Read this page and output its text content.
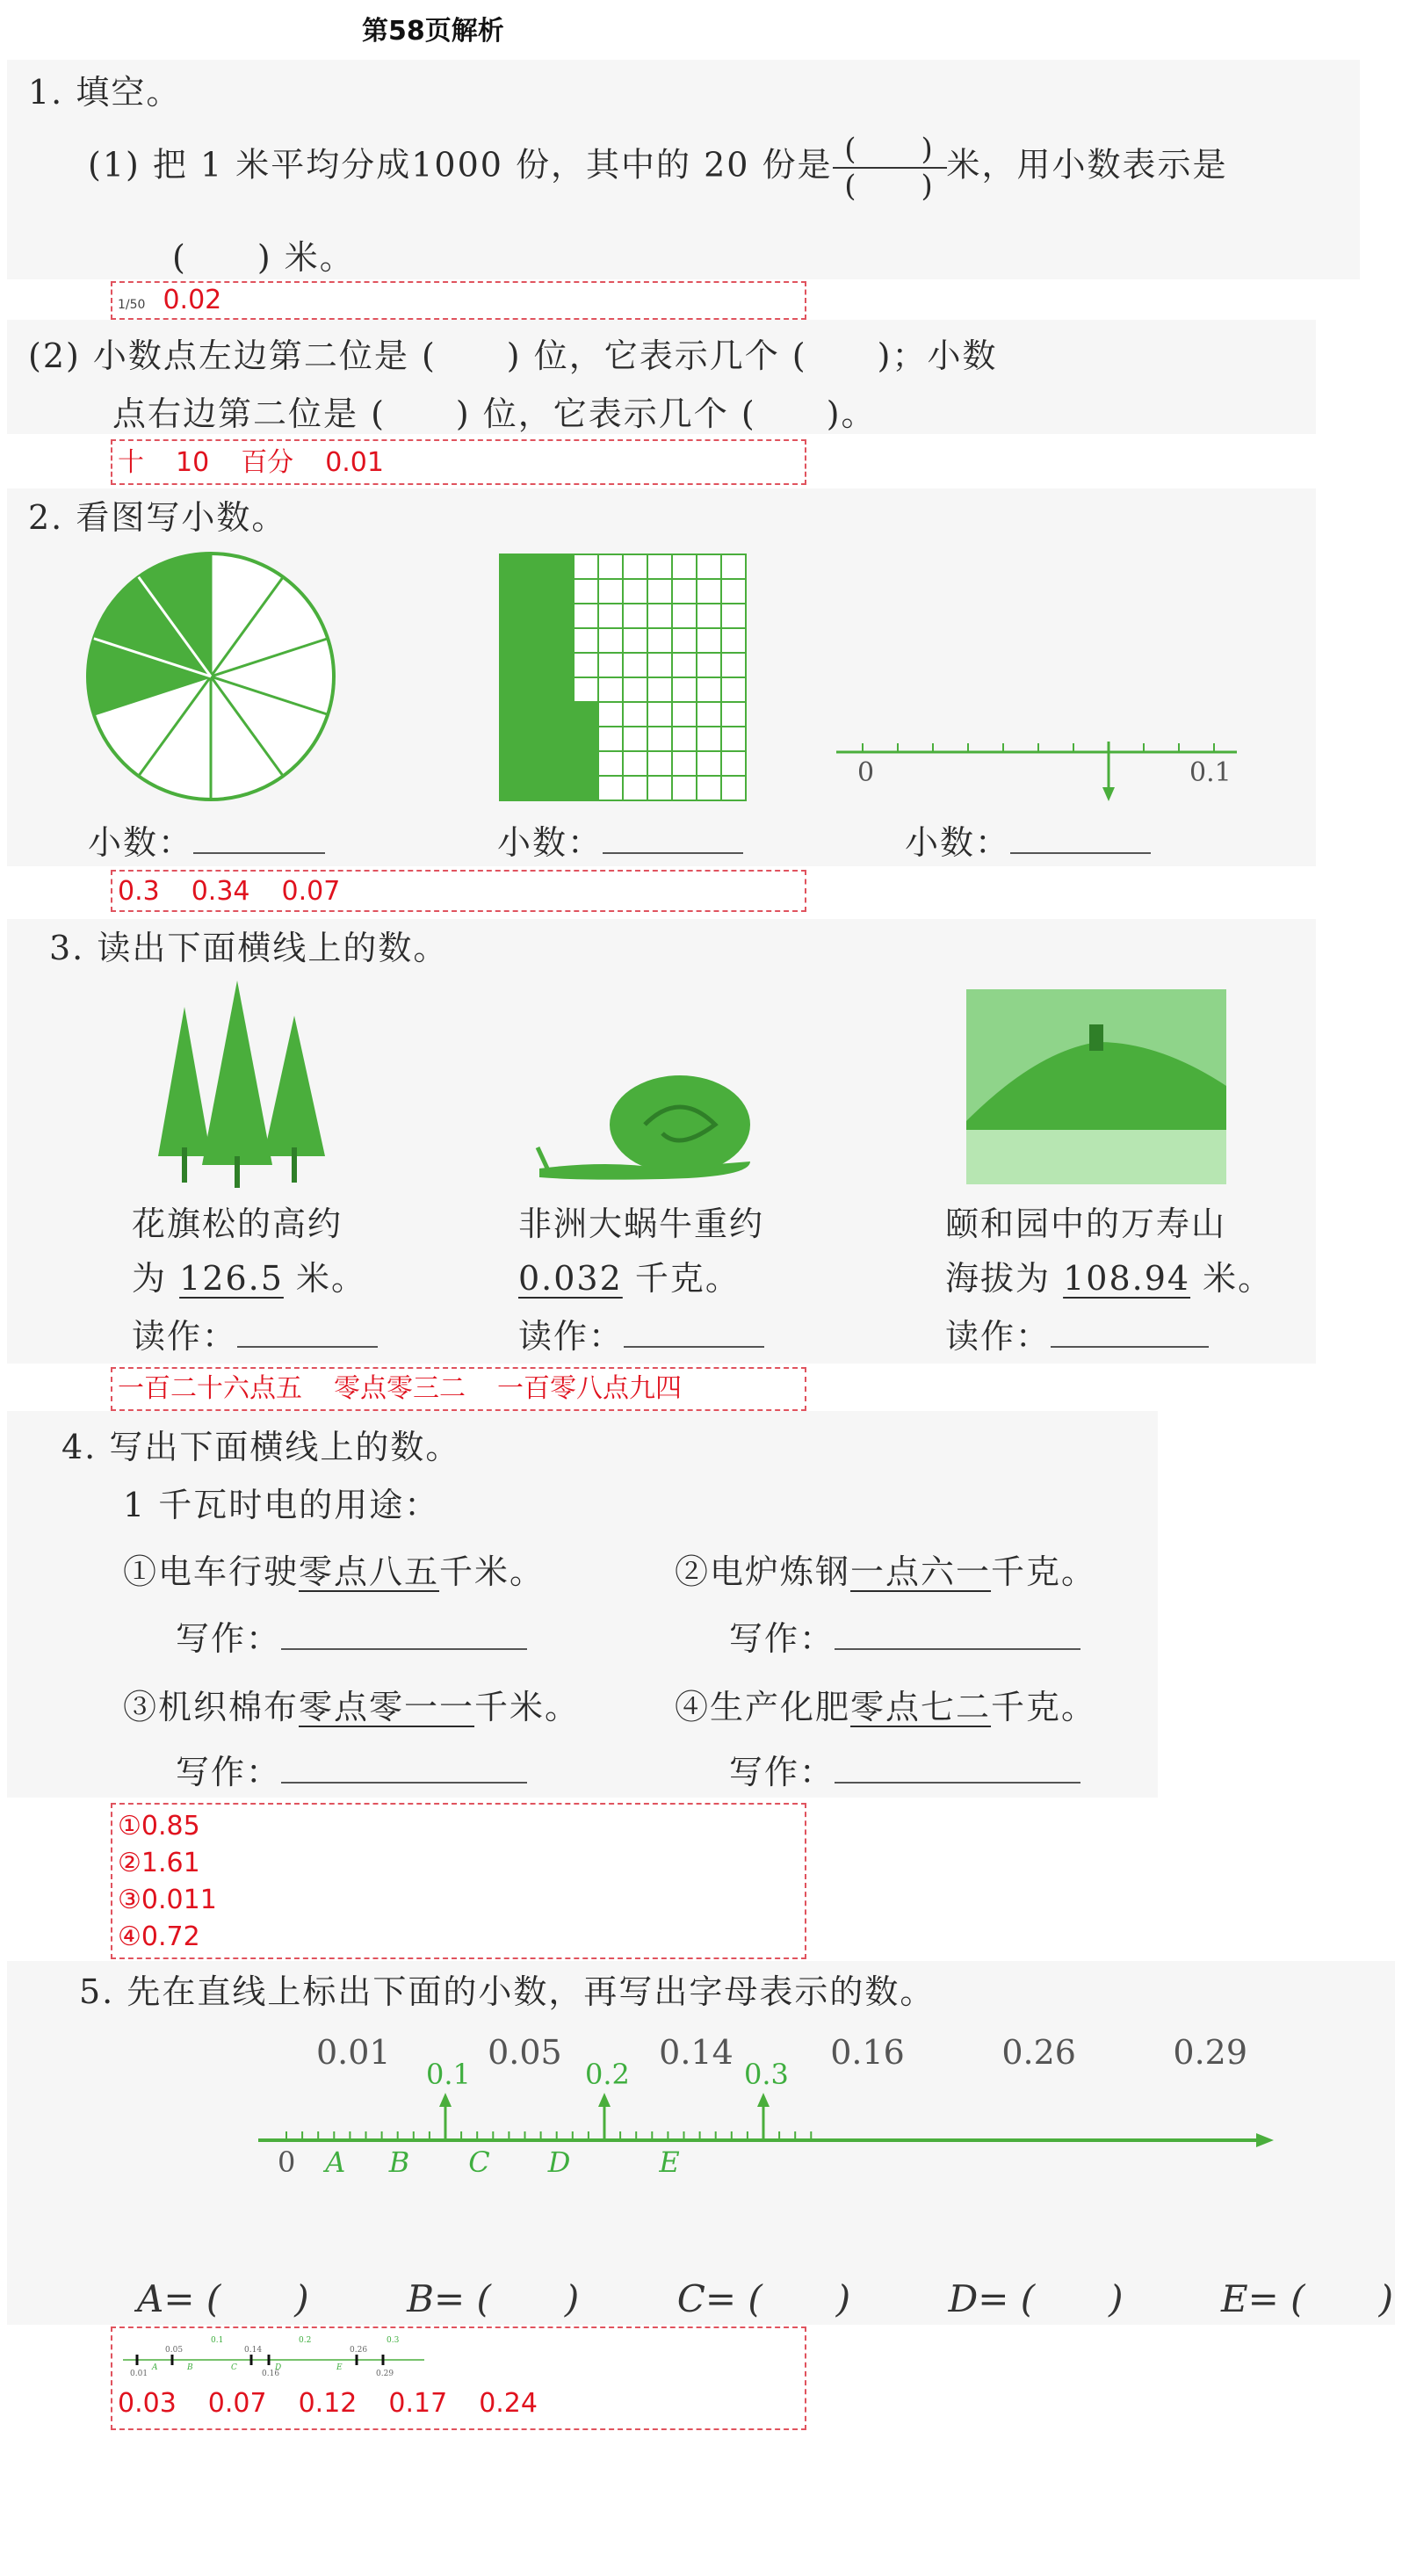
第58页解析
1. 填空。
(1) 把 1 米平均分成1000 份，其中的 20 份是 $\frac{( )}{( )}$ 米，用小数表示是
(　　) 米。
1/50 0.02
(2) 小数点左边第二位是 (　　) 位，它表示几个 (　　)；小数
点右边第二位是 (　　) 位，它表示几个 (　　)。
十 10 百分 0.01
2. 看图写小数。
0	0.1
小数：	小数：	小数：
0.3 0.34 0.07
3. 读出下面横线上的数。
花旗松的高约
为 126.5 米。
读作：
非洲大蜗牛重约
0.032 千克。
读作：
颐和园中的万寿山
海拔为 108.94 米。
读作：
一百二十六点五 零点零三二 一百零八点九四
4. 写出下面横线上的数。
1 千瓦时电的用途：
①电车行驶零点八五千米。	②电炉炼钢一点六一千克。
写作：	写作：
③机织棉布零点零一一千米。	④生产化肥零点七二千克。
写作：	写作：
①0.85
②1.61
③0.011
④0.72
5. 先在直线上标出下面的小数，再写出字母表示的数。
0.01	0.05	0.14	0.16	0.26	0.29
0
0.1	0.2	0.3
A B C D	E
A= (　　)	B= (　　)	C= (　　)	D= (　　)	E= (　　)
0.05	0.14	0.26
0.01	0.16	0.29
0.1	0.2	0.3
A	B	C	D	E
0.03 0.07 0.12 0.17 0.24
